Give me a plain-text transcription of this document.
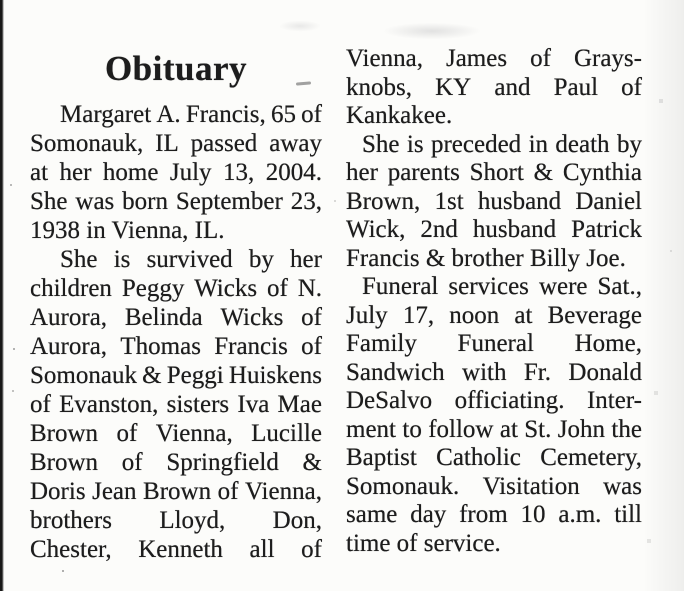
Obituary
Margaret A. Francis, 65 of
Somonauk, IL passed away
at her home July 13, 2004.
She was born September 23,
1938 in Vienna, IL.
She is survived by her
children Peggy Wicks of N.
Aurora, Belinda Wicks of
Aurora, Thomas Francis of
Somonauk & Peggi Huiskens
of Evanston, sisters Iva Mae
Brown of Vienna, Lucille
Brown of Springfield &
Doris Jean Brown of Vienna,
brothers Lloyd, Don,
Chester, Kenneth all of
Vienna, James of Grays-
knobs, KY and Paul of
Kankakee.
She is preceded in death by
her parents Short & Cynthia
Brown, 1st husband Daniel
Wick, 2nd husband Patrick
Francis & brother Billy Joe.
Funeral services were Sat.,
July 17, noon at Beverage
Family Funeral Home,
Sandwich with Fr. Donald
DeSalvo officiating. Inter-
ment to follow at St. John the
Baptist Catholic Cemetery,
Somonauk. Visitation was
same day from 10 a.m. till
time of service.
